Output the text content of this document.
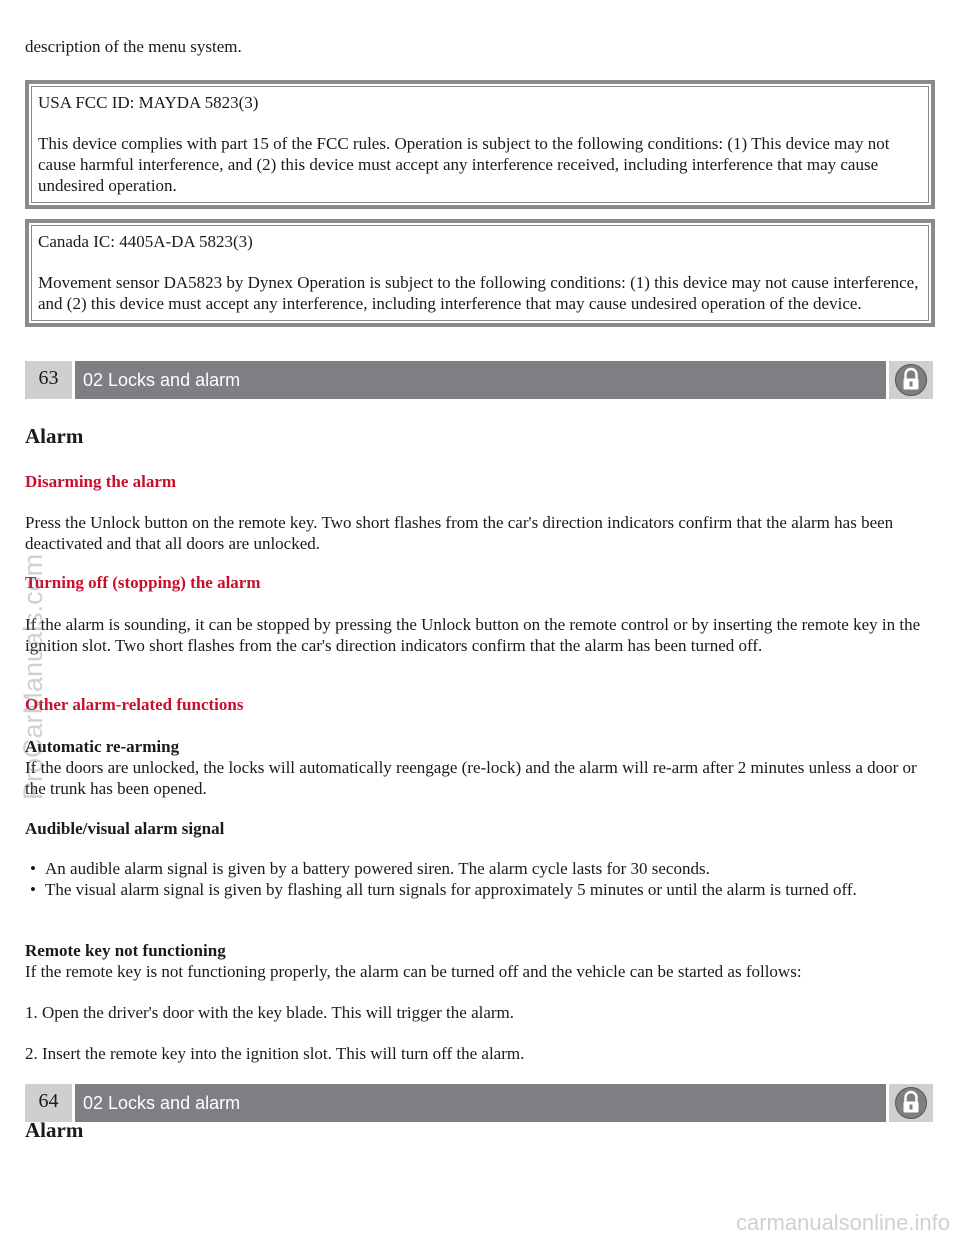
description of the menu system.

USA FCC ID: MAYDA 5823(3)
This device complies with part 15 of the FCC rules. Operation is subject to the following conditions: (1) This device may not cause harmful interference, and (2) this device must accept any interference received, including interference that may cause undesired operation.
Canada IC: 4405A-DA 5823(3)
Movement sensor DA5823 by Dynex Operation is subject to the following conditions: (1) this device may not cause interference, and (2) this device must accept any interference, including interference that may cause undesired operation of the device.
63	02 Locks and alarm
Alarm
Disarming the alarm

Press the Unlock button on the remote key. Two short flashes from the car's direction indicators confirm that the alarm has been deactivated and that all doors are unlocked.

Turning off (stopping) the alarm

If the alarm is sounding, it can be stopped by pressing the Unlock button on the remote control or by inserting the remote key in the ignition slot. Two short flashes from the car's direction indicators confirm that the alarm has been turned off.

Other alarm-related functions

Automatic re-arming

If the doors are unlocked, the locks will automatically reengage (re-lock) and the alarm will re-arm after 2 minutes unless a door or the trunk has been opened.

Audible/visual alarm signal

• An audible alarm signal is given by a battery powered siren. The alarm cycle lasts for 30 seconds.
• The visual alarm signal is given by flashing all turn signals for approximately 5 minutes or until the alarm is turned off.

Remote key not functioning

If the remote key is not functioning properly, the alarm can be turned off and the vehicle can be started as follows:

1. Open the driver's door with the key blade. This will trigger the alarm.

2. Insert the remote key into the ignition slot. This will turn off the alarm.

64	02 Locks and alarm
Alarm
ProCarManuals.com
carmanualsonline.info
